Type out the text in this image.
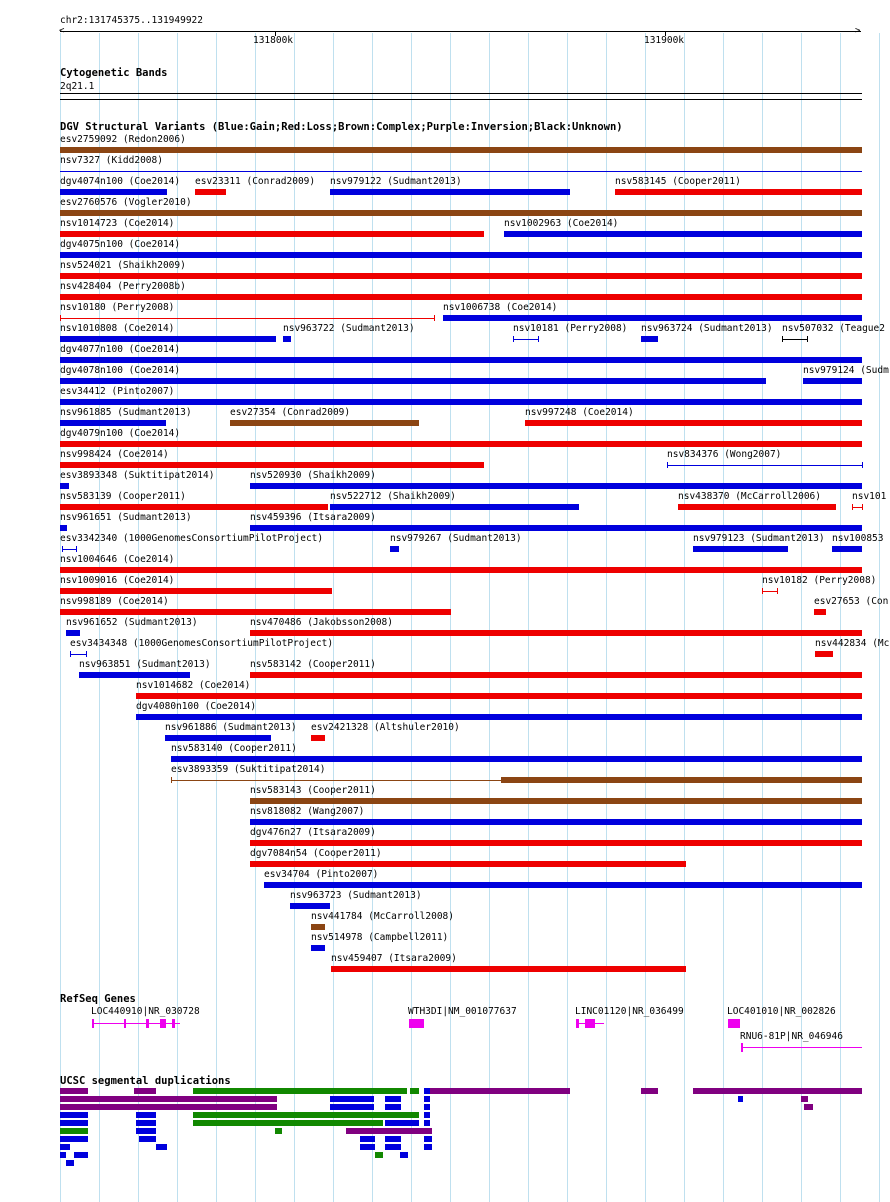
chr2:131745375..131949922
<	>
131800k	131900k
Cytogenetic Bands
2q21.1
DGV Structural Variants (Blue:Gain;Red:Loss;Brown:Complex;Purple:Inversion;Black:Unknown)
esv2759092 (Redon2006)
nsv7327 (Kidd2008)
dgv4074n100 (Coe2014) esv23311 (Conrad2009) nsv979122 (Sudmant2013)	nsv583145 (Cooper2011)
esv2760576 (Vogler2010)
nsv1014723 (Coe2014)	nsv1002963 (Coe2014)
dgv4075n100 (Coe2014)
nsv524021 (Shaikh2009)
nsv428404 (Perry2008b)
nsv10180 (Perry2008)	nsv1006738 (Coe2014)
nsv1010808 (Coe2014)	nsv963722 (Sudmant2013)	nsv10181 (Perry2008) nsv963724 (Sudmant2013) nsv507032 (Teague2
dgv4077n100 (Coe2014)
dgv4078n100 (Coe2014)	nsv979124 (Sudm
esv34412 (Pinto2007)
nsv961885 (Sudmant2013)	esv27354 (Conrad2009)	nsv997248 (Coe2014)
dgv4079n100 (Coe2014)
nsv998424 (Coe2014)	nsv834376 (Wong2007)
esv3893348 (Suktitipat2014)	nsv520930 (Shaikh2009)
nsv583139 (Cooper2011)	nsv522712 (Shaikh2009)	nsv438370 (McCarroll2006)	nsv101
nsv961651 (Sudmant2013)	nsv459396 (Itsara2009)
esv3342340 (1000GenomesConsortiumPilotProject)	nsv979267 (Sudmant2013)	nsv979123 (Sudmant2013) nsv100853
nsv1004646 (Coe2014)
nsv1009016 (Coe2014)	nsv10182 (Perry2008)
nsv998189 (Coe2014)	esv27653 (Con
nsv961652 (Sudmant2013)	nsv470486 (Jakobsson2008)
esv3434348 (1000GenomesConsortiumPilotProject)	nsv442834 (Mc
nsv963851 (Sudmant2013)	nsv583142 (Cooper2011)
nsv1014682 (Coe2014)
dgv4080n100 (Coe2014)
nsv961886 (Sudmant2013) esv2421328 (Altshuler2010)
nsv583140 (Cooper2011)
esv3893359 (Suktitipat2014)
nsv583143 (Cooper2011)
nsv818082 (Wang2007)
dgv476n27 (Itsara2009)
dgv7084n54 (Cooper2011)
esv34704 (Pinto2007)
nsv963723 (Sudmant2013)
nsv441784 (McCarroll2008)
nsv514978 (Campbell2011)
nsv459407 (Itsara2009)
RefSeq Genes
LOC440910|NR_030728	WTH3DI|NM_001077637	LINC01120|NR_036499	LOC401010|NR_002826
RNU6-81P|NR_046946
UCSC segmental duplications
